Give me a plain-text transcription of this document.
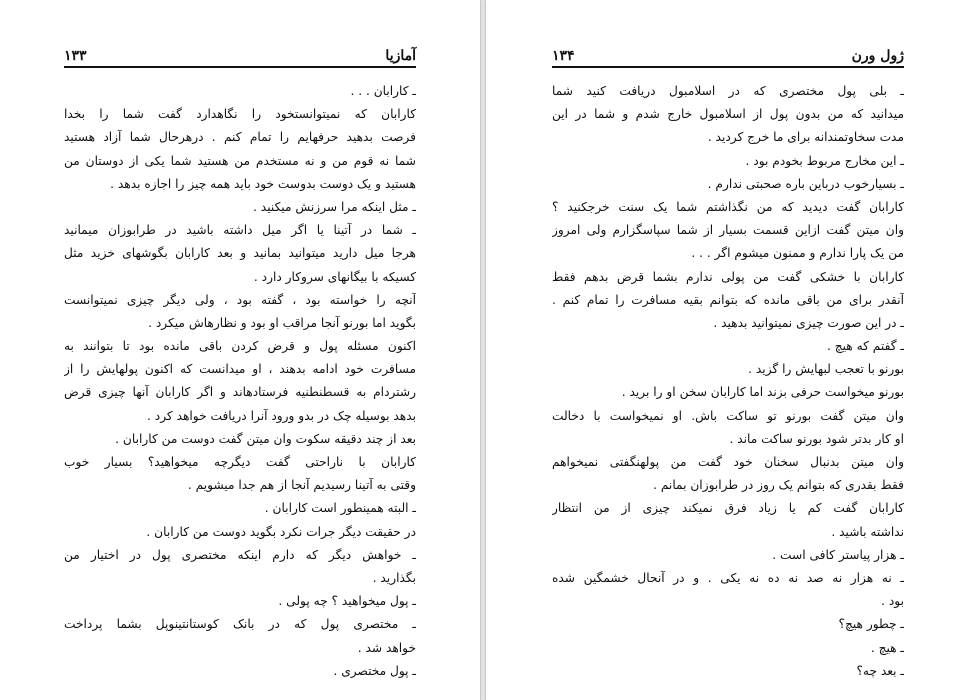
۱۳۳	آمازیا
ـ کارابان . . .
کارابان که نمیتوانستخود را نگاهدارد گفت شما را بخدا
فرصت بدهید حرفهایم را تمام کنم . درهرحال شما آزاد هستید
شما نه قوم من و نه مستخدم من هستید شما یکی از دوستان من
هستید و یک دوست بدوست خود باید همه چیز را اجازه بدهد .
ـ مثل اینکه مرا سرزنش میکنید .
ـ شما در آتینا یا اگر میل داشته باشید در طرابوزان میمانید
هرجا میل دارید میتوانید بمانید و بعد کارابان بگوشهای خزید مثل
کسیکه با بیگانهای سروکار دارد .
آنچه را خواسته بود ، گفته بود ، ولی دیگر چیزی نمیتوانست
بگوید اما بورنو آنجا مراقب او بود و نظارهاش میکرد .
اکنون مسئله پول و قرض کردن باقی مانده بود تا بتوانند به
مسافرت خود ادامه بدهند ، او میدانست که اکنون پولهایش را از
رشتردام به قسطنطنیه فرستادهاند و اگر کارابان آنها چیزی قرض
بدهد بوسیله چک در بدو ورود آنرا دریافت خواهد کرد .
بعد از چند دقیقه سکوت وان میتن گفت دوست من کارابان .
کارابان با ناراحتی گفت دیگرچه میخواهید؟ بسیار خوب
وقتی به آتینا رسیدیم آنجا از هم جدا میشویم .
ـ البته همینطور است کارابان .
در حقیقت دیگر جرات نکرد بگوید دوست من کارابان .
ـ خواهش دیگر که دارم اینکه مختصری پول در اختیار من
بگذارید .
ـ پول میخواهید ؟ چه پولی .
ـ مختصری پول که در بانک کوستانتینوپل بشما پرداخت
خواهد شد .
ـ پول مختصری .
۱۳۴	ژول ورن
ـ بلی پول مختصری که در اسلامبول دریافت کنید شما
میدانید که من بدون پول از اسلامبول خارج شدم و شما در این
مدت سخاوتمندانه برای ما خرج کردید .
ـ این مخارج مربوط بخودم بود .
ـ بسیارخوب درباین باره صحبتی ندارم .
کارابان گفت دیدید که من نگذاشتم شما یک سنت خرجکنید ؟
وان میتن گفت ازاین قسمت بسیار از شما سپاسگزارم ولی امروز
من یک پارا ندارم و ممنون میشوم اگر . . .
کارابان با خشکی گفت من پولی ندارم بشما قرض بدهم فقط
آنقدر برای من باقی مانده که بتوانم بقیه مسافرت را تمام کنم .
ـ در این صورت چیزی نمیتوانید بدهید .
ـ گفتم که هیچ .
بورنو با تعجب لبهایش را گزید .
بورنو میخواست حرفی بزند اما کارابان سخن او را برید .
وان میتن گفت بورنو تو ساکت باش. او نمیخواست با دخالت
او کار بدتر شود بورنو ساکت ماند .
وان میتن بدنبال سخنان خود گفت من پولهنگفتی نمیخواهم
فقط بقدری که بتوانم یک روز در طرابوزان بمانم .
کارابان گفت کم یا زیاد فرق نمیکند چیزی از من انتظار
نداشته باشید .
ـ هزار پیاستر کافی است .
ـ نه هزار نه صد نه ده نه یکی . و در آنحال خشمگین شده
بود .
ـ چطور هیچ؟
ـ هیچ .
ـ بعد چه؟
